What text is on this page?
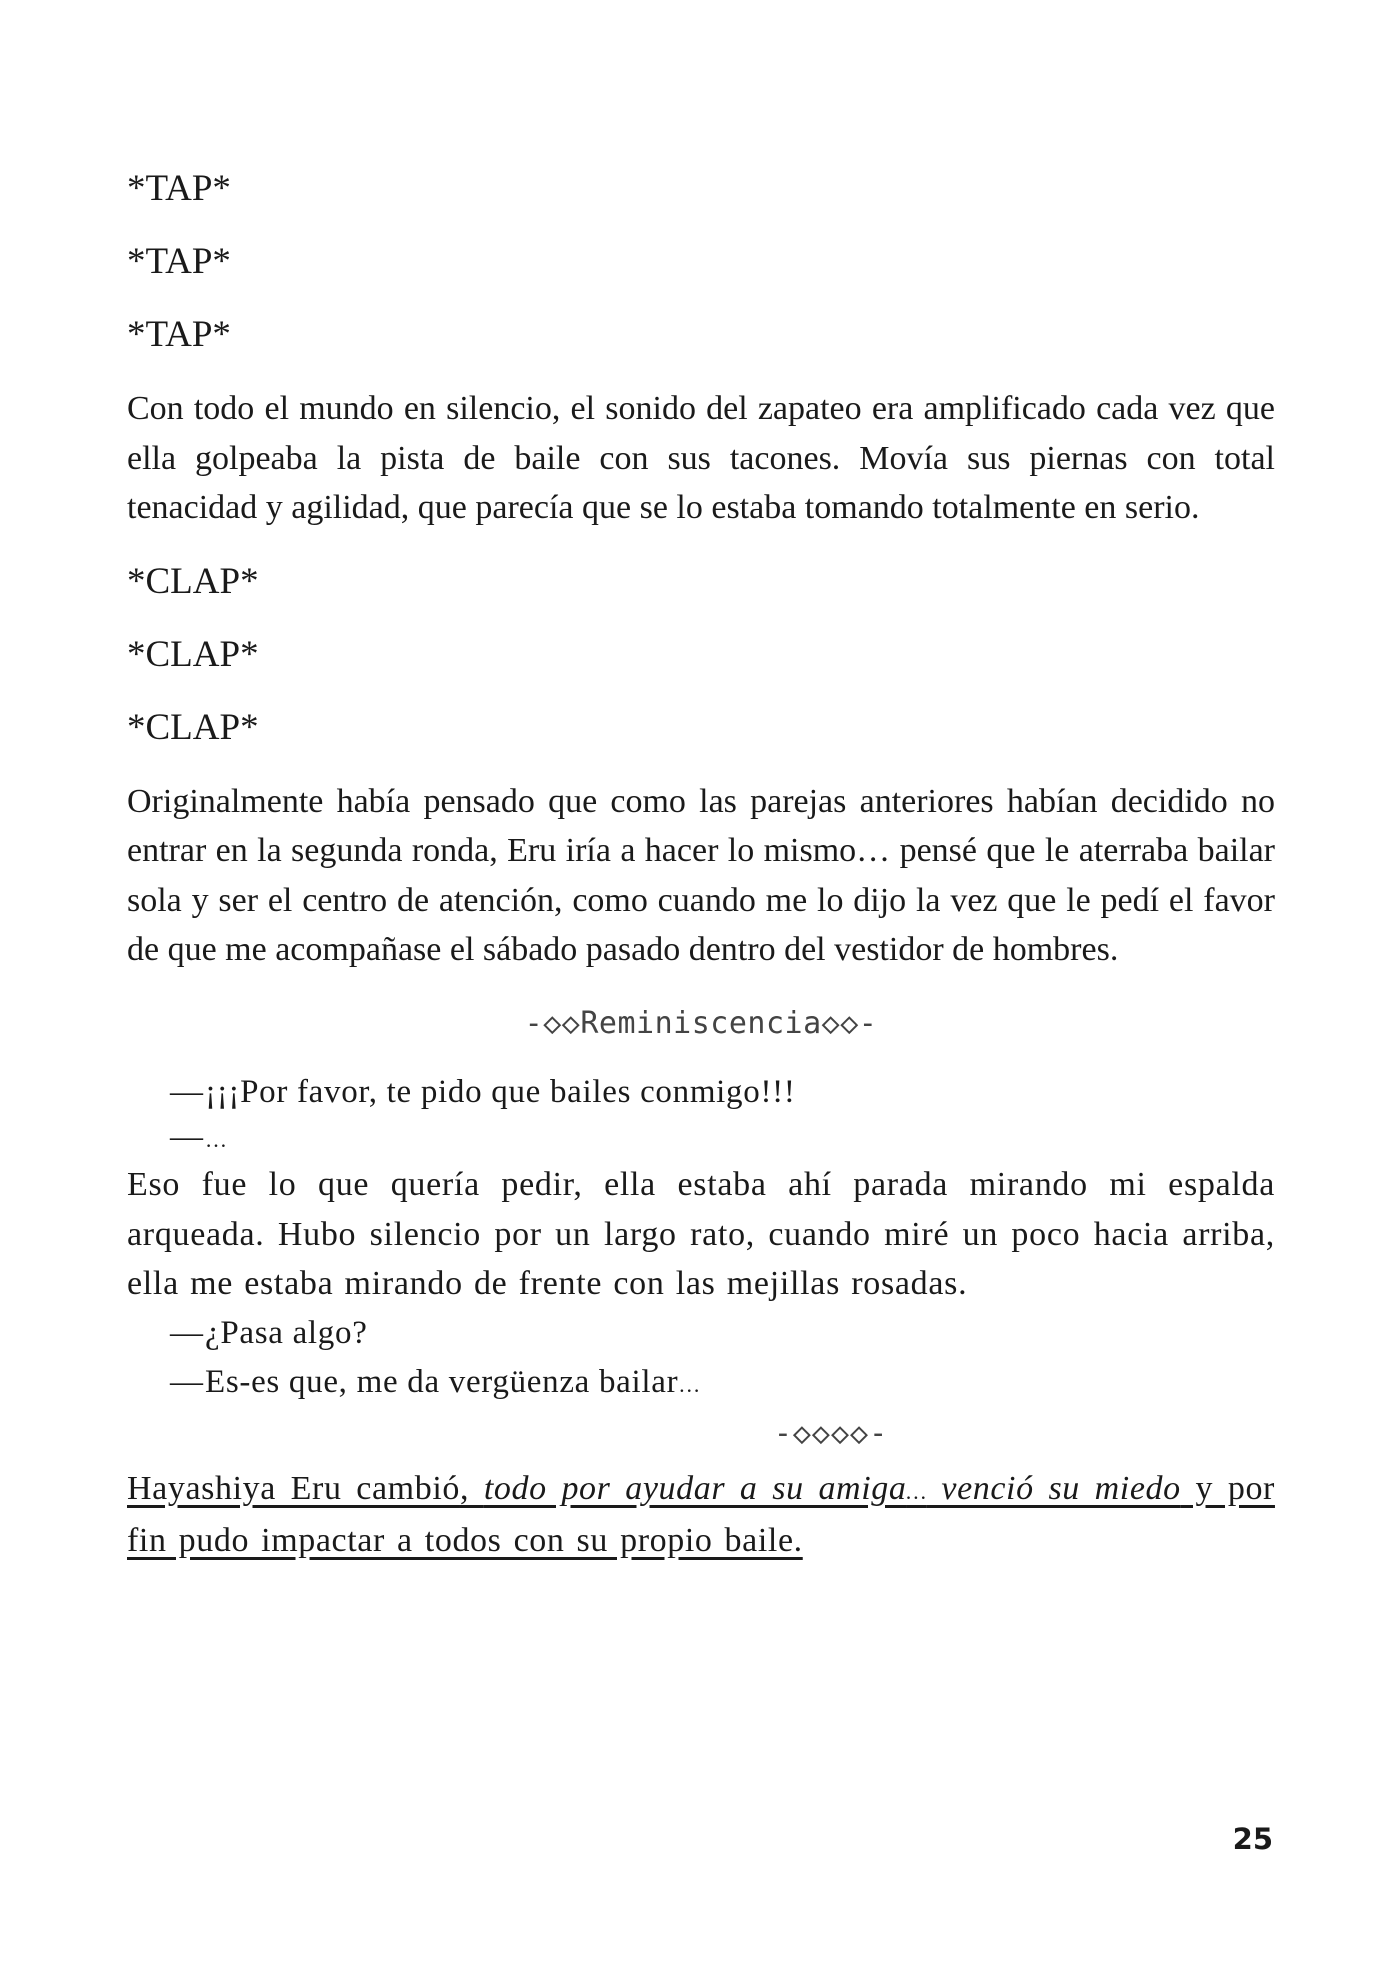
*TAP*

*TAP*

*TAP*

Con todo el mundo en silencio, el sonido del zapateo era amplificado cada vez que ella golpeaba la pista de baile con sus tacones. Movía sus piernas con total tenacidad y agilidad, que parecía que se lo estaba tomando totalmente en serio.

*CLAP*

*CLAP*

*CLAP*

Originalmente había pensado que como las parejas anteriores habían decidido no entrar en la segunda ronda, Eru iría a hacer lo mismo… pensé que le aterraba bailar sola y ser el centro de atención, como cuando me lo dijo la vez que le pedí el favor de que me acompañase el sábado pasado dentro del vestidor de hombres.

-◇◇Reminiscencia◇◇-

—¡¡¡Por favor, te pido que bailes conmigo!!!

—…

Eso fue lo que quería pedir, ella estaba ahí parada mirando mi espalda arqueada. Hubo silencio por un largo rato, cuando miré un poco hacia arriba, ella me estaba mirando de frente con las mejillas rosadas.

—¿Pasa algo?

—Es-es que, me da vergüenza bailar…

-◇◇◇◇-

Hayashiya Eru cambió, todo por ayudar a su amiga… venció su miedo y por fin pudo impactar a todos con su propio baile.

25
